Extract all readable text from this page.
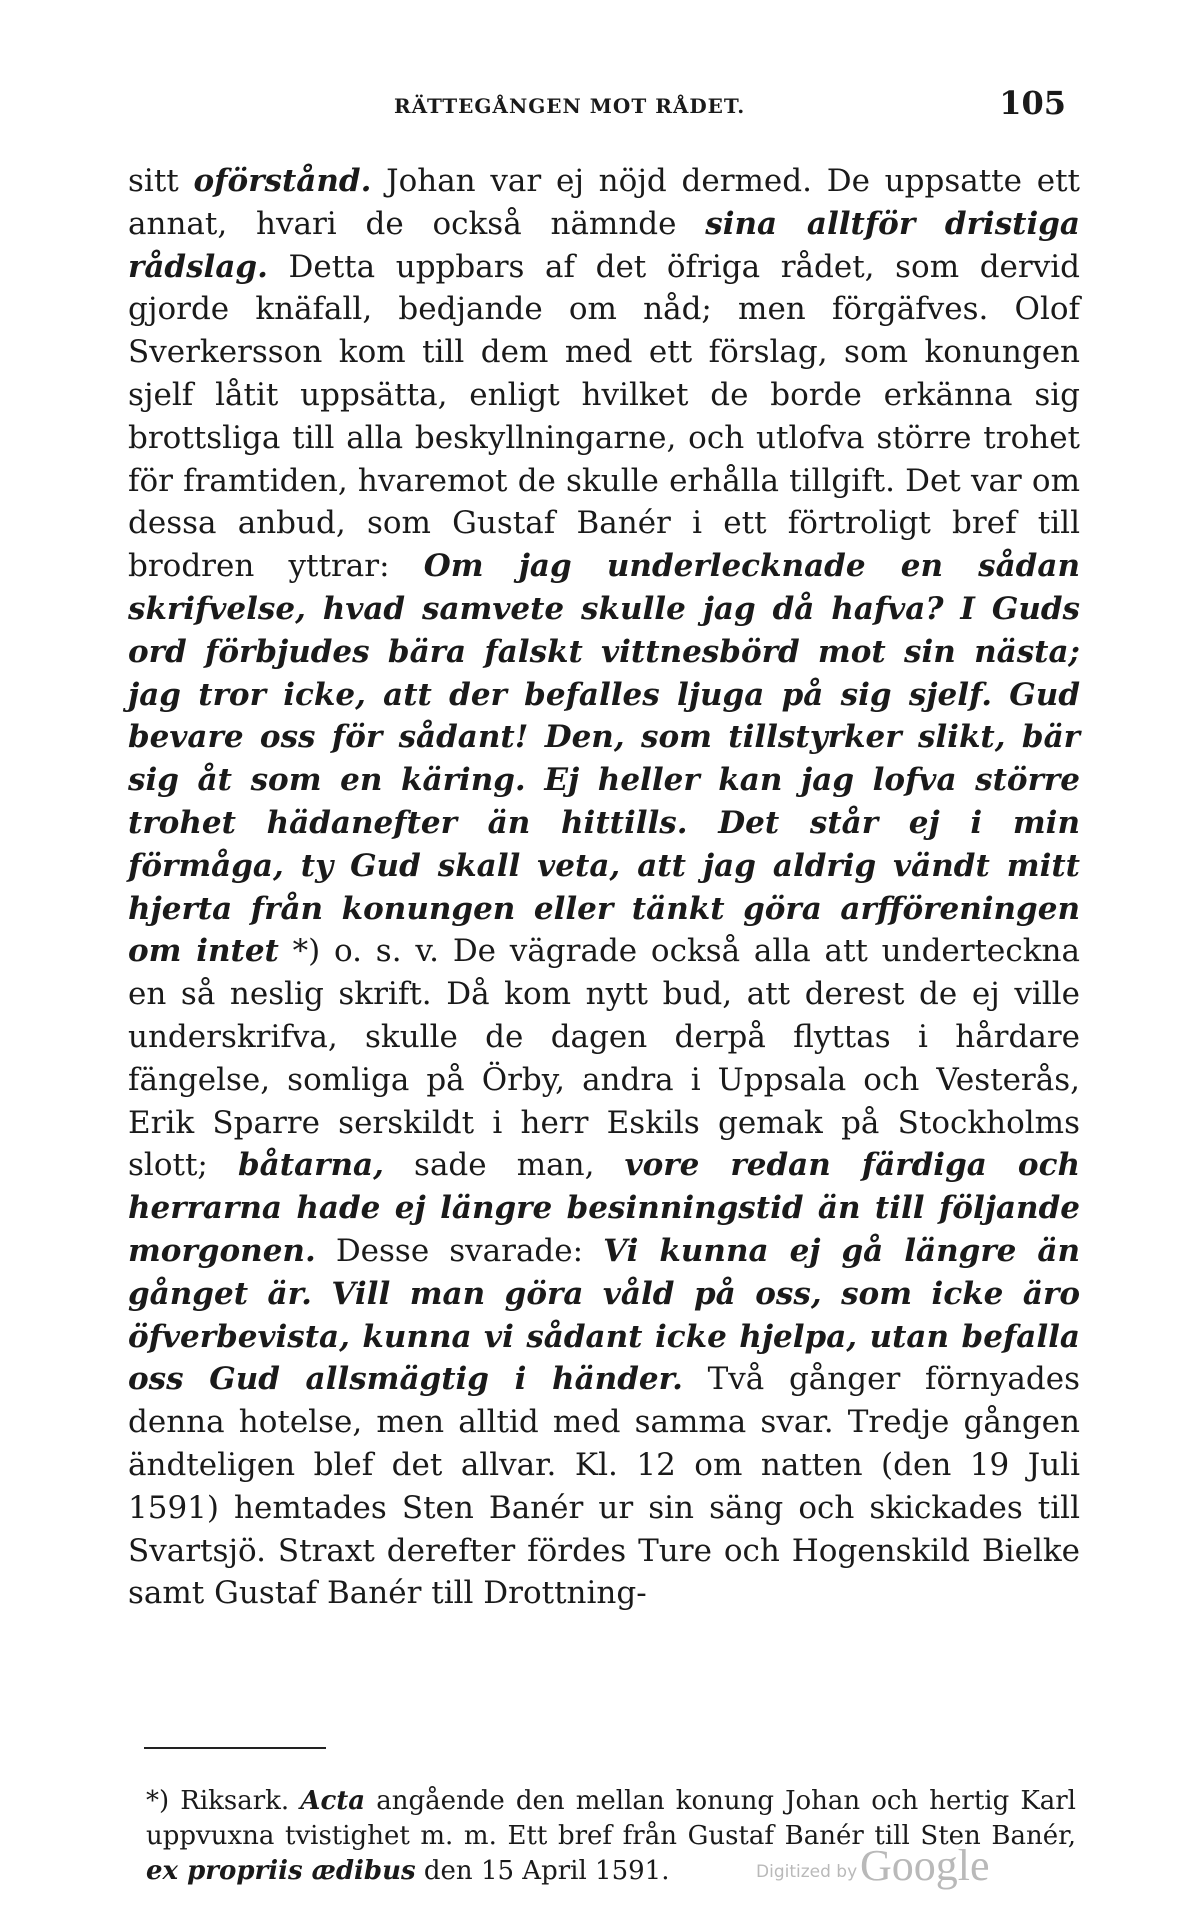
RÄTTEGÅNGEN MOT RÅDET.	105

sitt oförstånd. Johan var ej nöjd dermed. De uppsatte ett annat, hvari de också nämnde sina alltför dristiga rådslag. Detta uppbars af det öfriga rådet, som dervid gjorde knäfall, bedjande om nåd; men förgäfves. Olof Sverkersson kom till dem med ett förslag, som konungen sjelf låtit uppsätta, enligt hvilket de borde erkänna sig brottsliga till alla beskyllningarne, och utlofva större trohet för framtiden, hvaremot de skulle erhålla tillgift. Det var om dessa anbud, som Gustaf Banér i ett förtroligt bref till brodren yttrar: Om jag underlecknade en sådan skrifvelse, hvad samvete skulle jag då hafva? I Guds ord förbjudes bära falskt vittnesbörd mot sin nästa; jag tror icke, att der befalles ljuga på sig sjelf. Gud bevare oss för sådant! Den, som tillstyrker slikt, bär sig åt som en käring. Ej heller kan jag lofva större trohet hädanefter än hittills. Det står ej i min förmåga, ty Gud skall veta, att jag aldrig vändt mitt hjerta från konungen eller tänkt göra arfföreningen om intet *) o. s. v. De vägrade också alla att underteckna en så neslig skrift. Då kom nytt bud, att derest de ej ville underskrifva, skulle de dagen derpå flyttas i hårdare fängelse, somliga på Örby, andra i Uppsala och Vesterås, Erik Sparre serskildt i herr Eskils gemak på Stockholms slott; båtarna, sade man, vore redan färdiga och herrarna hade ej längre besinningstid än till följande morgonen. Desse svarade: Vi kunna ej gå längre än gånget är. Vill man göra våld på oss, som icke äro öfverbevista, kunna vi sådant icke hjelpa, utan befalla oss Gud allsmägtig i händer. Två gånger förnyades denna hotelse, men alltid med samma svar. Tredje gången ändteligen blef det allvar. Kl. 12 om natten (den 19 Juli 1591) hemtades Sten Banér ur sin säng och skickades till Svartsjö. Straxt derefter fördes Ture och Hogenskild Bielke samt Gustaf Banér till Drottning-

*) Riksark. Acta angående den mellan konung Johan och hertig Karl uppvuxna tvistighet m. m. Ett bref från Gustaf Banér till Sten Banér, ex propriis ædibus den 15 April 1591.	Digitized by Google
